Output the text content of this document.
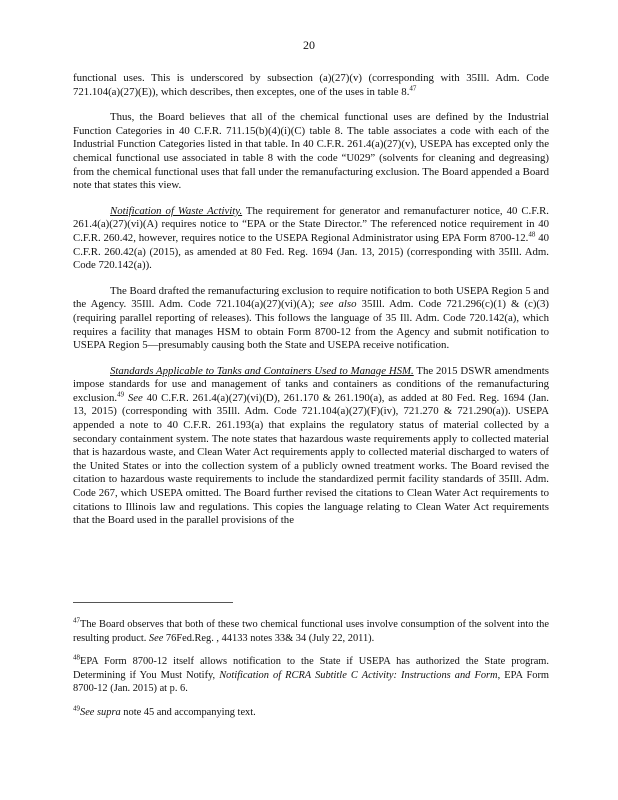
20

functional uses. This is underscored by subsection (a)(27)(v) (corresponding with 35Ill. Adm. Code 721.104(a)(27)(E)), which describes, then exceptes, one of the uses in table 8.47

Thus, the Board believes that all of the chemical functional uses are defined by the Industrial Function Categories in 40 C.F.R. 711.15(b)(4)(i)(C) table 8. The table associates a code with each of the Industrial Function Categories listed in that table. In 40 C.F.R. 261.4(a)(27)(v), USEPA has excepted only the chemical functional use associated in table 8 with the code “U029” (solvents for cleaning and degreasing) from the chemical functional uses that fall under the remanufacturing exclusion. The Board appended a Board note that states this view.

Notification of Waste Activity. The requirement for generator and remanufacturer notice, 40 C.F.R. 261.4(a)(27)(vi)(A) requires notice to “EPA or the State Director.” The referenced notice requirement in 40 C.F.R. 260.42, however, requires notice to the USEPA Regional Administrator using EPA Form 8700-12.48 40 C.F.R. 260.42(a) (2015), as amended at 80 Fed. Reg. 1694 (Jan. 13, 2015) (corresponding with 35Ill. Adm. Code 720.142(a)).

The Board drafted the remanufacturing exclusion to require notification to both USEPA Region 5 and the Agency. 35Ill. Adm. Code 721.104(a)(27)(vi)(A); see also 35Ill. Adm. Code 721.296(c)(1) & (c)(3) (requiring parallel reporting of releases). This follows the language of 35 Ill. Adm. Code 720.142(a), which requires a facility that manages HSM to obtain Form 8700-12 from the Agency and submit notification to USEPA Region 5—presumably causing both the State and USEPA receive notification.

Standards Applicable to Tanks and Containers Used to Manage HSM. The 2015 DSWR amendments impose standards for use and management of tanks and containers as conditions of the remanufacturing exclusion.$^{49}$ See 40 C.F.R. 261.4(a)(27)(vi)(D), 261.170 & 261.190(a), as added at 80 Fed. Reg. 1694 (Jan. 13, 2015) (corresponding with 35Ill. Adm. Code 721.104(a)(27)(F)(iv), 721.270 & 721.290(a)). USEPA appended a note to 40 C.F.R. 261.193(a) that explains the regulatory status of material collected by a secondary containment system. The note states that hazardous waste requirements apply to collected material that is hazardous waste, and Clean Water Act requirements apply to collected material discharged to waters of the United States or into the collection system of a publicly owned treatment works. The Board revised the citation to hazardous waste requirements to include the standardized permit facility standards of 35Ill. Adm. Code 267, which USEPA omitted. The Board further revised the citations to Clean Water Act requirements to citations to Illinois law and regulations. This copies the language relating to Clean Water Act requirements that the Board used in the parallel provisions of the

$^{47}$The Board observes that both of these two chemical functional uses involve consumption of the solvent into the resulting product. See 76Fed.Reg. , 44133 notes 33& 34 (July 22, 2011).

$^{48}$EPA Form 8700-12 itself allows notification to the State if USEPA has authorized the State program. Determining if You Must Notify, Notification of RCRA Subtitle C Activity: Instructions and Form, EPA Form 8700-12 (Jan. 2015) at p. 6.

$^{49}$See supra note 45 and accompanying text.
